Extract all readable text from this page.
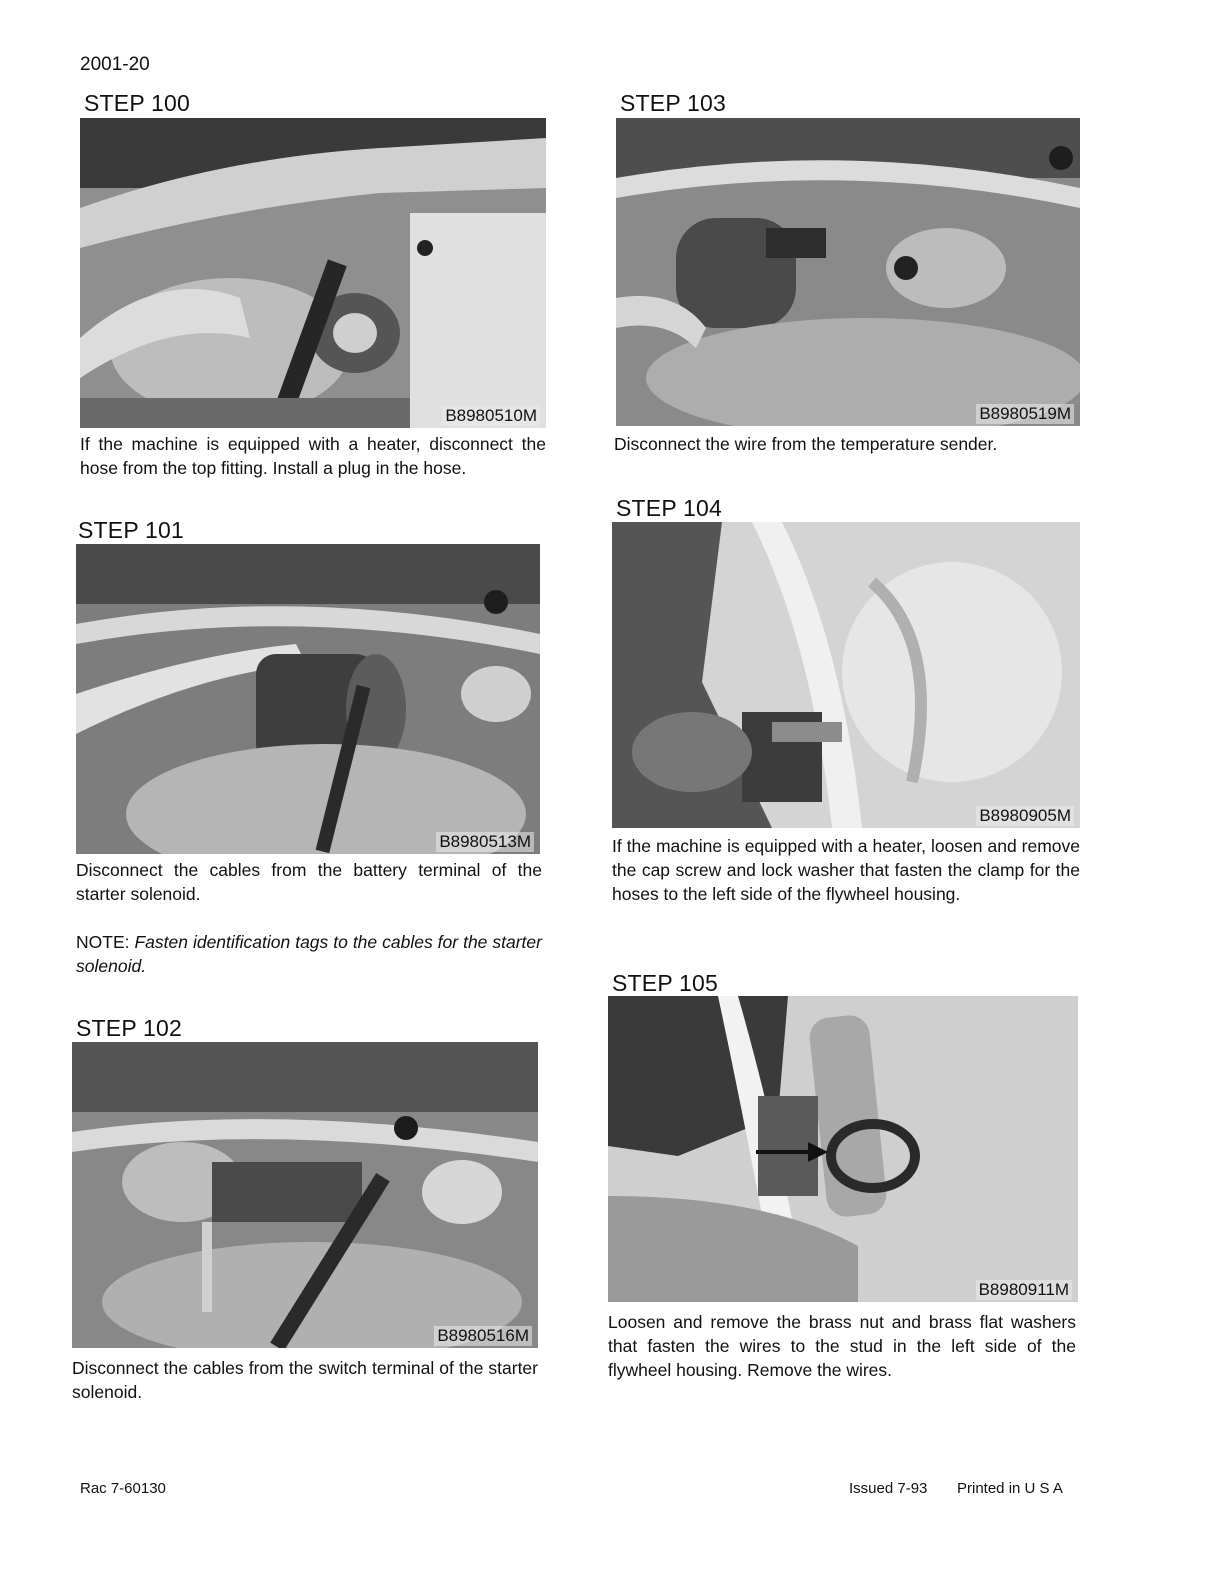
2001-20
STEP 100
B8980510M
If the machine is equipped with a heater, disconnect the hose from the top fitting. Install a plug in the hose.
STEP 101
B8980513M
Disconnect the cables from the battery terminal of the starter solenoid.
NOTE: Fasten identification tags to the cables for the starter solenoid.
STEP 102
B8980516M
Disconnect the cables from the switch terminal of the starter solenoid.
STEP 103
B8980519M
Disconnect the wire from the temperature sender.
STEP 104
B8980905M
If the machine is equipped with a heater, loosen and remove the cap screw and lock washer that fasten the clamp for the hoses to the left side of the flywheel housing.
STEP 105
B8980911M
Loosen and remove the brass nut and brass flat washers that fasten the wires to the stud in the left side of the flywheel housing. Remove the wires.
Rac 7-60130	Issued 7-93 Printed in U S A
